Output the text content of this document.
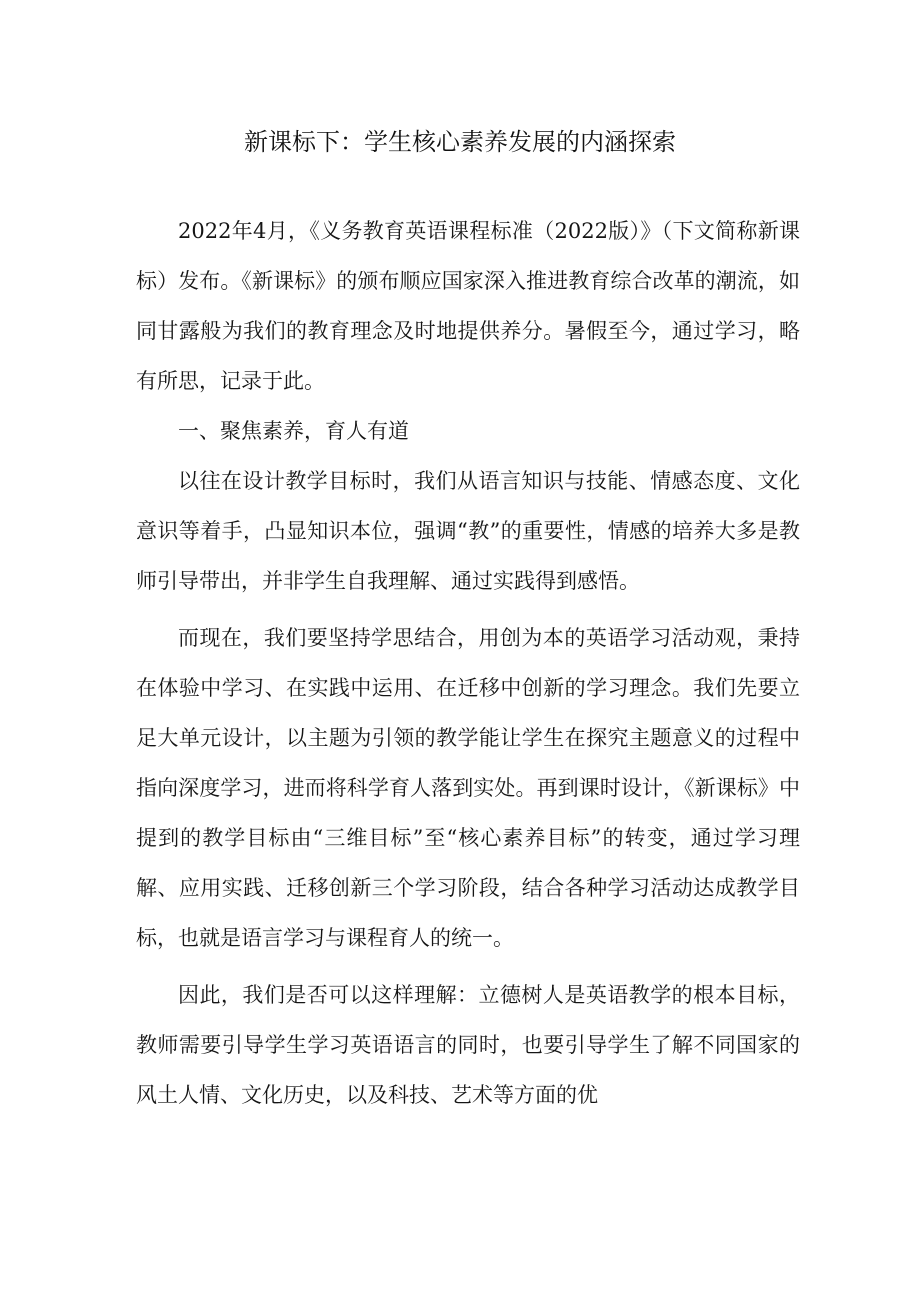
新课标下：学生核心素养发展的内涵探索

2022年4月，《义务教育英语课程标准（2022版）》（下文简称新课标）发布。《新课标》的颁布顺应国家深入推进教育综合改革的潮流，如同甘露般为我们的教育理念及时地提供养分。暑假至今，通过学习，略有所思，记录于此。

一、聚焦素养，育人有道

以往在设计教学目标时，我们从语言知识与技能、情感态度、文化意识等着手，凸显知识本位，强调“教”的重要性，情感的培养大多是教师引导带出，并非学生自我理解、通过实践得到感悟。

而现在，我们要坚持学思结合，用创为本的英语学习活动观，秉持在体验中学习、在实践中运用、在迁移中创新的学习理念。我们先要立足大单元设计，以主题为引领的教学能让学生在探究主题意义的过程中指向深度学习，进而将科学育人落到实处。再到课时设计，《新课标》中提到的教学目标由“三维目标”至“核心素养目标”的转变，通过学习理解、应用实践、迁移创新三个学习阶段，结合各种学习活动达成教学目标，也就是语言学习与课程育人的统一。

因此，我们是否可以这样理解：立德树人是英语教学的根本目标，教师需要引导学生学习英语语言的同时，也要引导学生了解不同国家的风土人情、文化历史，以及科技、艺术等方面的优
